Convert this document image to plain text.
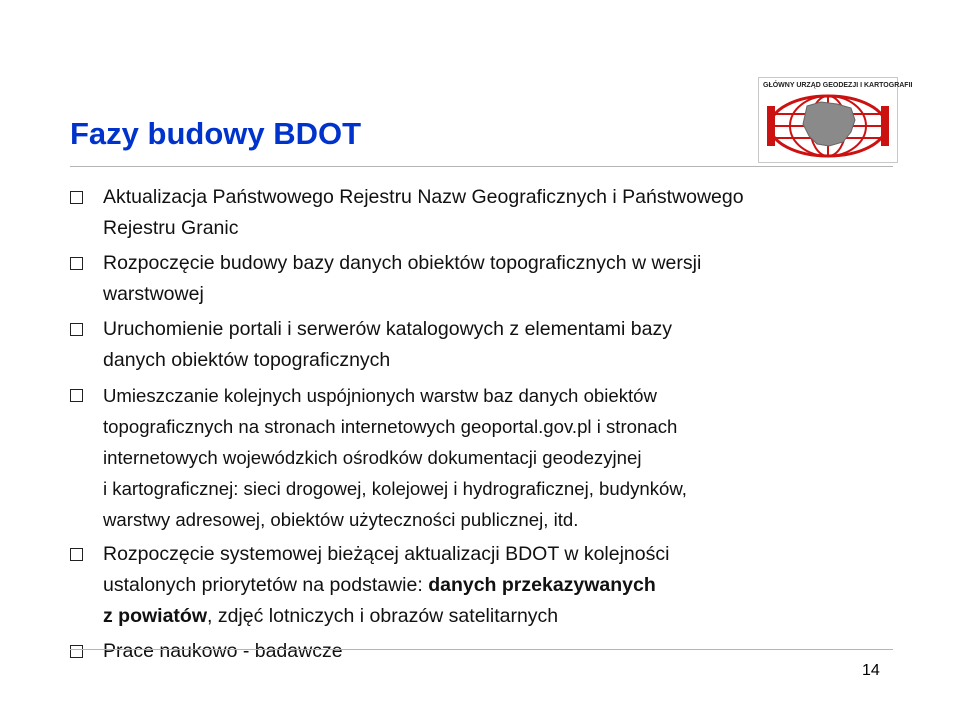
Fazy budowy BDOT
GŁÓWNY URZĄD GEODEZJI I KARTOGRAFII
Aktualizacja Państwowego Rejestru Nazw Geograficznych i Państwowego
Rejestru Granic
Rozpoczęcie budowy bazy danych obiektów topograficznych w wersji
warstwowej
Uruchomienie portali i serwerów katalogowych z elementami bazy
danych obiektów topograficznych
Umieszczanie kolejnych uspójnionych warstw baz danych obiektów
topograficznych na stronach internetowych geoportal.gov.pl i stronach
internetowych wojewódzkich ośrodków dokumentacji geodezyjnej
i kartograficznej: sieci drogowej, kolejowej i hydrograficznej, budynków,
warstwy adresowej, obiektów użyteczności publicznej, itd.
Rozpoczęcie systemowej bieżącej aktualizacji BDOT w kolejności
ustalonych priorytetów na podstawie: danych przekazywanych
z powiatów, zdjęć lotniczych i obrazów satelitarnych
Prace naukowo - badawcze
14
